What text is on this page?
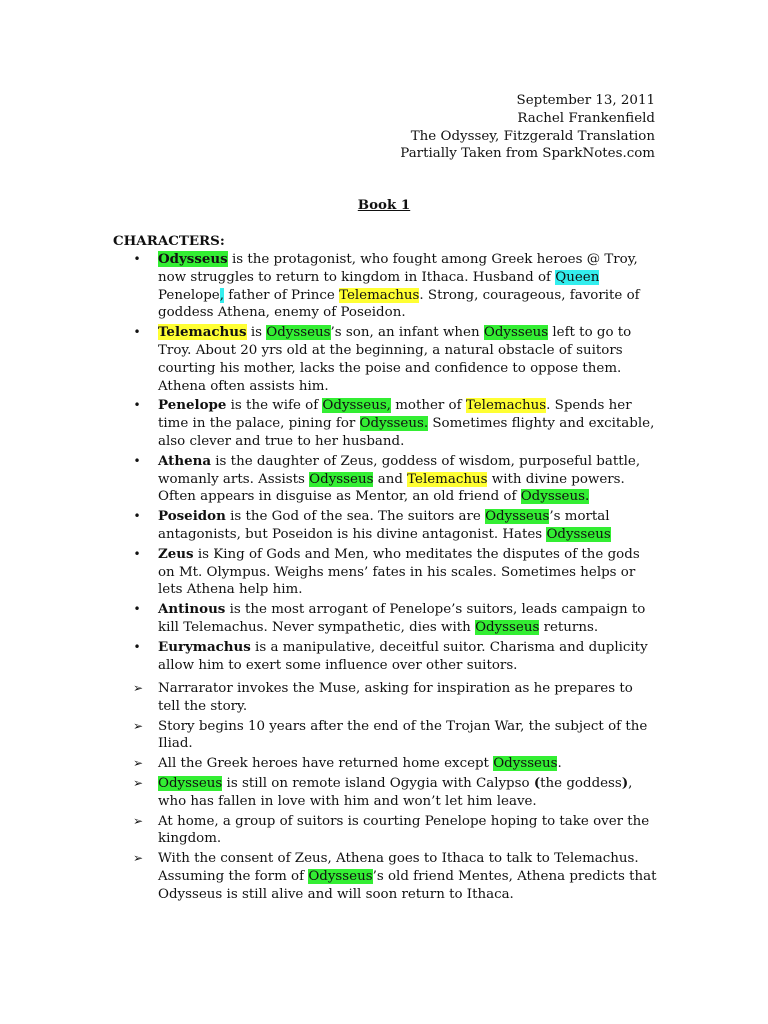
September 13, 2011
Rachel Frankenfield
The Odyssey, Fitzgerald Translation
Partially Taken from SparkNotes.com
Book 1
CHARACTERS:
• Odysseus is the protagonist, who fought among Greek heroes @ Troy, now struggles to return to kingdom in Ithaca. Husband of Queen Penelope, father of Prince Telemachus. Strong, courageous, favorite of goddess Athena, enemy of Poseidon.
• Telemachus is Odysseus’s son, an infant when Odysseus left to go to Troy. About 20 yrs old at the beginning, a natural obstacle of suitors courting his mother, lacks the poise and confidence to oppose them. Athena often assists him.
• Penelope is the wife of Odysseus, mother of Telemachus. Spends her time in the palace, pining for Odysseus. Sometimes flighty and excitable, also clever and true to her husband.
• Athena is the daughter of Zeus, goddess of wisdom, purposeful battle, womanly arts. Assists Odysseus and Telemachus with divine powers. Often appears in disguise as Mentor, an old friend of Odysseus.
• Poseidon is the God of the sea. The suitors are Odysseus’s mortal antagonists, but Poseidon is his divine antagonist. Hates Odysseus
• Zeus is King of Gods and Men, who meditates the disputes of the gods on Mt. Olympus. Weighs mens’ fates in his scales. Sometimes helps or lets Athena help him.
• Antinous is the most arrogant of Penelope’s suitors, leads campaign to kill Telemachus. Never sympathetic, dies with Odysseus returns.
• Eurymachus is a manipulative, deceitful suitor. Charisma and duplicity allow him to exert some influence over other suitors.
➢ Narrarator invokes the Muse, asking for inspiration as he prepares to tell the story.
➢ Story begins 10 years after the end of the Trojan War, the subject of the Iliad.
➢ All the Greek heroes have returned home except Odysseus.
➢ Odysseus is still on remote island Ogygia with Calypso (the goddess), who has fallen in love with him and won’t let him leave.
➢ At home, a group of suitors is courting Penelope hoping to take over the kingdom.
➢ With the consent of Zeus, Athena goes to Ithaca to talk to Telemachus. Assuming the form of Odysseus’s old friend Mentes, Athena predicts that Odysseus is still alive and will soon return to Ithaca.
